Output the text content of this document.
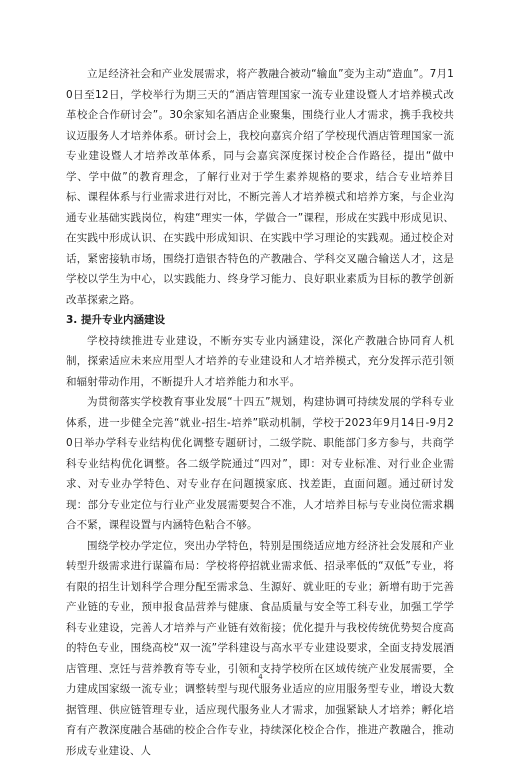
立足经济社会和产业发展需求，将产教融合被动“输血”变为主动“造血”。7月10日至12日，学校举行为期三天的“酒店管理国家一流专业建设暨人才培养模式改革校企合作研讨会”。30余家知名酒店企业聚集，围绕行业人才需求，携手我校共议迈服务人才培养体系。研讨会上，我校向嘉宾介绍了学校现代酒店管理国家一流专业建设暨人才培养改革体系，同与会嘉宾深度探讨校企合作路径，提出“做中学、学中做”的教育理念，了解行业对于学生素养规格的要求，结合专业培养目标、课程体系与行业需求进行对比，不断完善人才培养模式和培养方案，与企业沟通专业基础实践岗位，构建“理实一体，学做合一”课程，形成在实践中形成见识、在实践中形成认识、在实践中形成知识、在实践中学习理论的实践观。通过校企对话，紧密接轨市场，围绕打造银杏特色的产教融合、学科交叉融合输送人才，这是学校以学生为中心，以实践能力、终身学习能力、良好职业素质为目标的教学创新改革探索之路。

3. 提升专业内涵建设

学校持续推进专业建设，不断夯实专业内涵建设，深化产教融合协同育人机制，探索适应未来应用型人才培养的专业建设和人才培养模式，充分发挥示范引领和辐射带动作用，不断提升人才培养能力和水平。

为贯彻落实学校教育事业发展“十四五”规划，构建协调可持续发展的学科专业体系，进一步健全完善“就业-招生-培养”联动机制，学校于2023年9月14日-9月20日举办学科专业结构优化调整专题研讨，二级学院、职能部门多方参与，共商学科专业结构优化调整。各二级学院通过“四对”，即：对专业标准、对行业企业需求、对专业办学特色、对专业存在问题摸家底、找差距，直面问题。通过研讨发现：部分专业定位与行业产业发展需要契合不准，人才培养目标与专业岗位需求耦合不紧，课程设置与内涵特色粘合不够。

围绕学校办学定位，突出办学特色，特别是围绕适应地方经济社会发展和产业转型升级需求进行谋篇布局：学校将停招就业需求低、招录率低的“双低”专业，将有限的招生计划科学合理分配至需求急、生源好、就业旺的专业；新增有助于完善产业链的专业，预申报食品营养与健康、食品质量与安全等工科专业，加强工学学科专业建设，完善人才培养与产业链有效衔接；优化提升与我校传统优势契合度高的特色专业，围绕高校“双一流”学科建设与高水平专业建设要求，全面支持发展酒店管理、烹饪与营养教育等专业，引领和支持学校所在区域传统产业发展需要，全力建成国家级一流专业；调整转型与现代服务业适应的应用服务型专业，增设大数据管理、供应链管理专业，适应现代服务业人才需求，加强紧缺人才培养；孵化培育有产教深度融合基础的校企合作专业，持续深化校企合作，推进产教融合，推动形成专业建设、人

4
